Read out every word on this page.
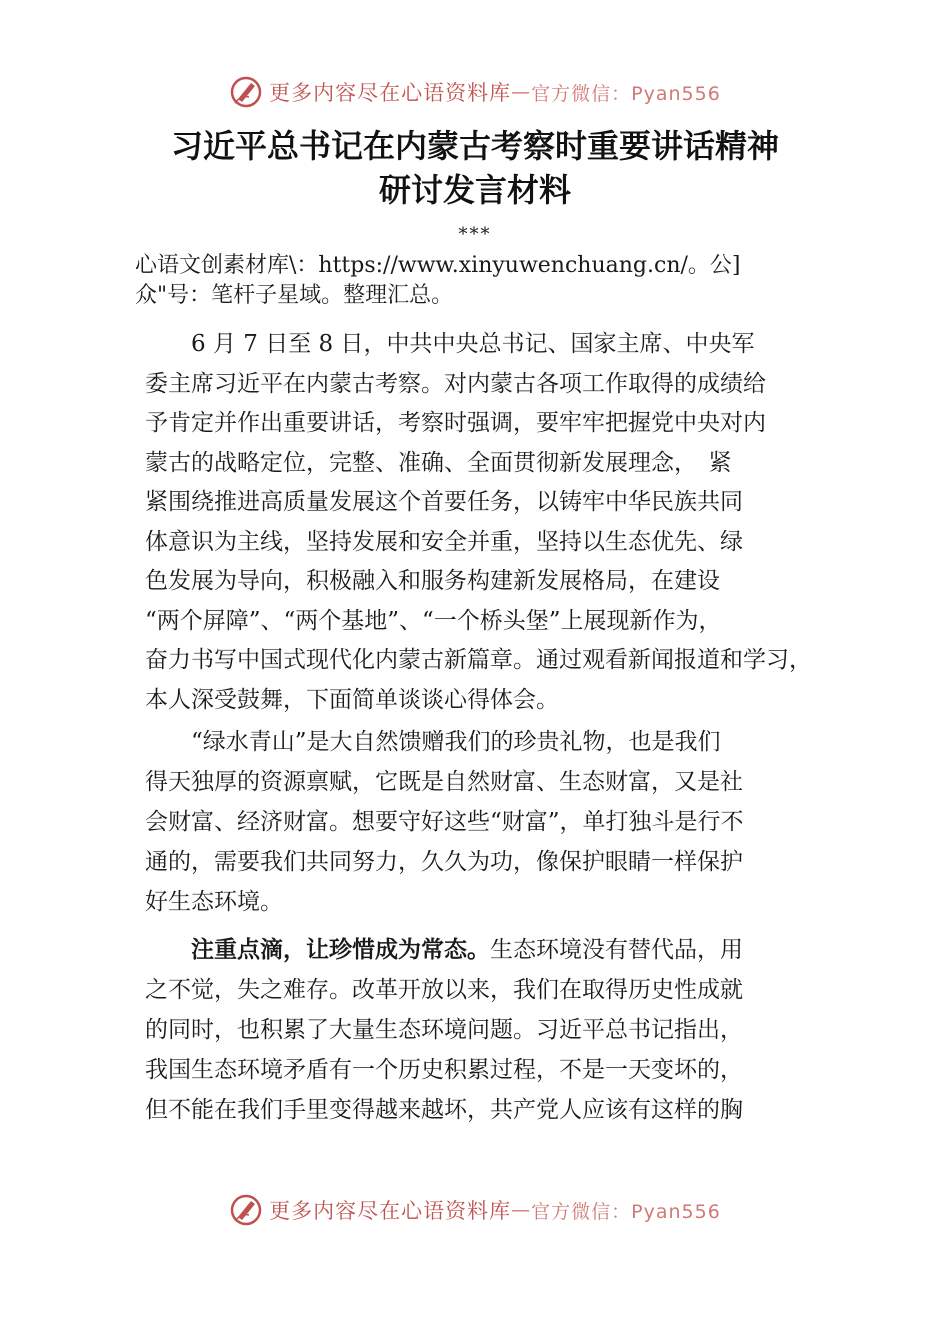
更多内容尽在心语资料库 — 官方微信：Pyan556
习近平总书记在内蒙古考察时重要讲话精神
研讨发言材料
***
心语文创素材库\：https://www.xinyuwenchuang.cn/。公]
众"号：笔杆子星域。整理汇总。
　　6 月 7 日至 8 日，中共中央总书记、国家主席、中央军
委主席习近平在内蒙古考察。对内蒙古各项工作取得的成绩给
予肯定并作出重要讲话，考察时强调，要牢牢把握党中央对内
蒙古的战略定位，完整、准确、全面贯彻新发展理念，　紧
紧围绕推进高质量发展这个首要任务，以铸牢中华民族共同
体意识为主线，坚持发展和安全并重，坚持以生态优先、绿
色发展为导向，积极融入和服务构建新发展格局，在建设
“两个屏障”、“两个基地”、“一个桥头堡”上展现新作为，
奋力书写中国式现代化内蒙古新篇章。通过观看新闻报道和学习，
本人深受鼓舞，下面简单谈谈心得体会。
　　“绿水青山”是大自然馈赠我们的珍贵礼物，也是我们
得天独厚的资源禀赋，它既是自然财富、生态财富，又是社
会财富、经济财富。想要守好这些“财富”，单打独斗是行不
通的，需要我们共同努力，久久为功，像保护眼睛一样保护
好生态环境。
　　注重点滴，让珍惜成为常态。生态环境没有替代品，用
之不觉，失之难存。改革开放以来，我们在取得历史性成就
的同时，也积累了大量生态环境问题。习近平总书记指出，
我国生态环境矛盾有一个历史积累过程，不是一天变坏的，
但不能在我们手里变得越来越坏，共产党人应该有这样的胸
更多内容尽在心语资料库 — 官方微信：Pyan556
